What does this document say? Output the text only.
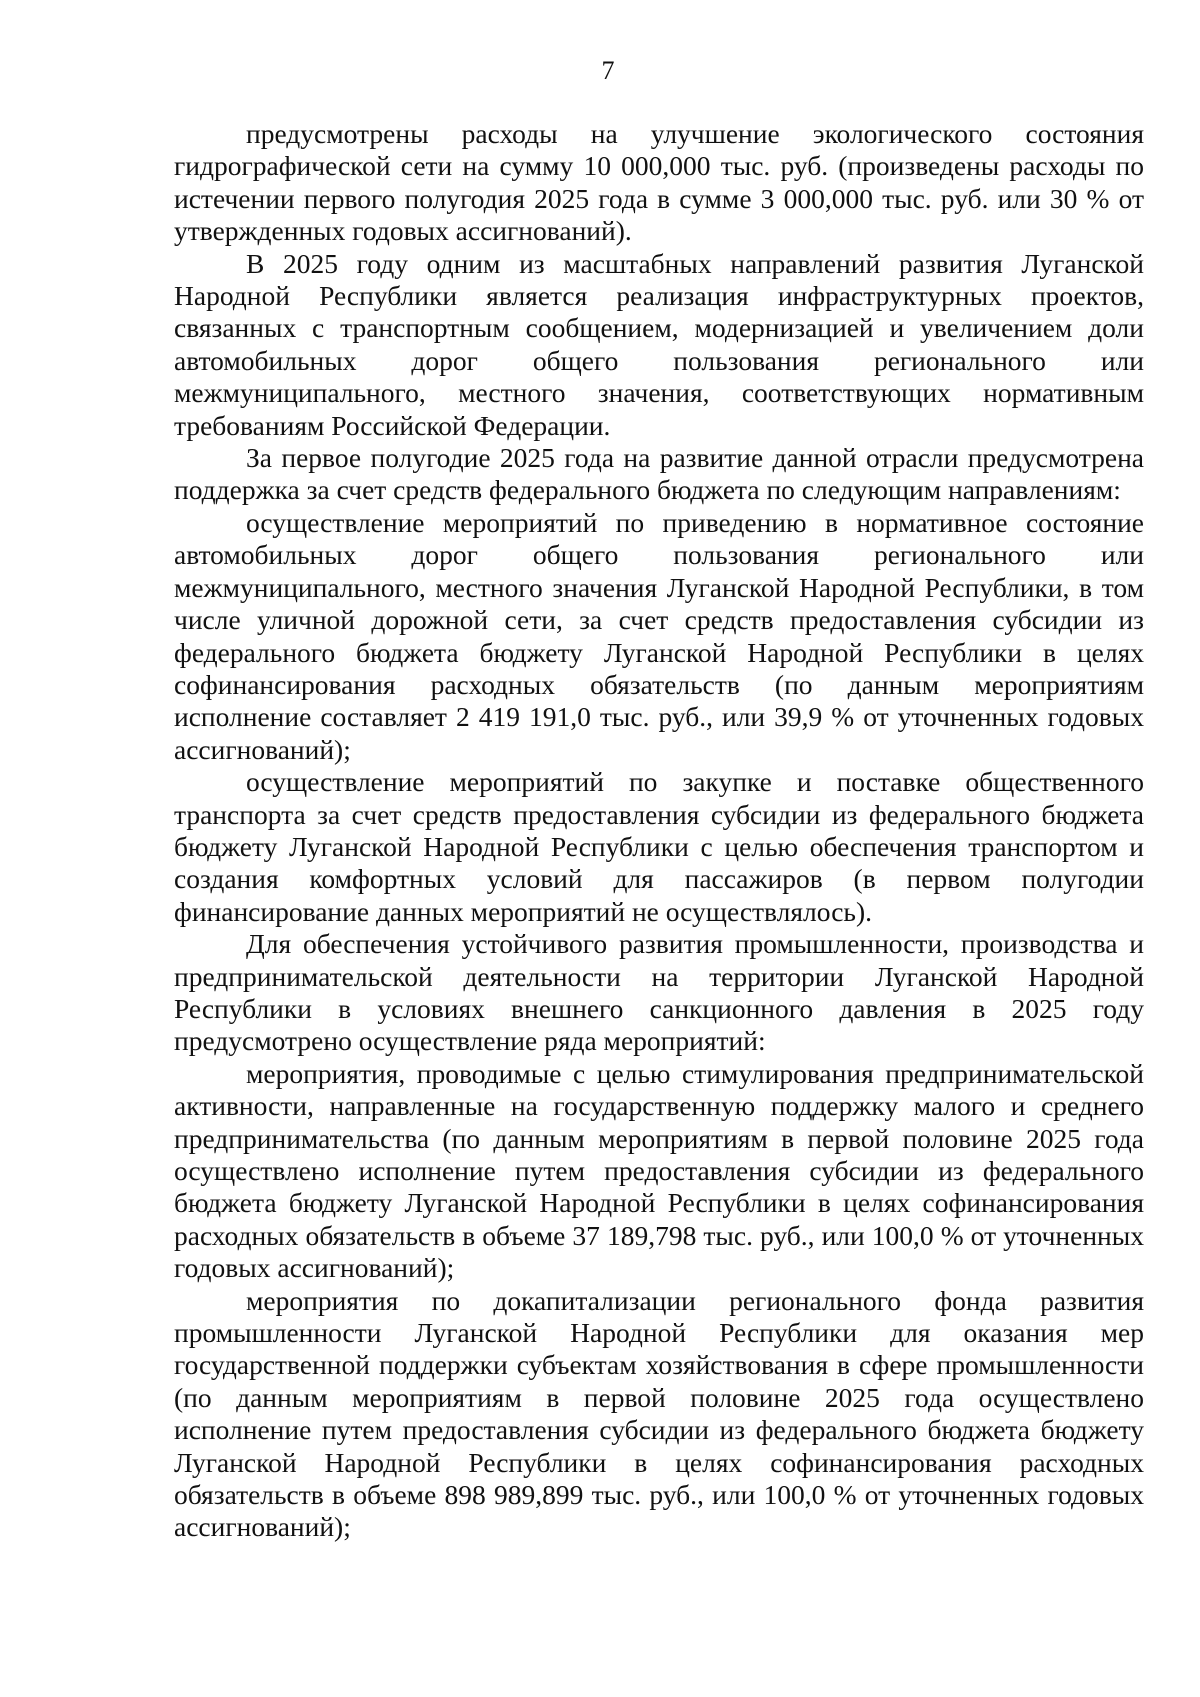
7

предусмотрены расходы на улучшение экологического состояния гидрографической сети на сумму 10 000,000 тыс. руб. (произведены расходы по истечении первого полугодия 2025 года в сумме 3 000,000 тыс. руб. или 30 % от утвержденных годовых ассигнований).

В 2025 году одним из масштабных направлений развития Луганской Народной Республики является реализация инфраструктурных проектов, связанных с транспортным сообщением, модернизацией и увеличением доли автомобильных дорог общего пользования регионального или межмуниципального, местного значения, соответствующих нормативным требованиям Российской Федерации.

За первое полугодие 2025 года на развитие данной отрасли предусмотрена поддержка за счет средств федерального бюджета по следующим направлениям:

осуществление мероприятий по приведению в нормативное состояние автомобильных дорог общего пользования регионального или межмуниципального, местного значения Луганской Народной Республики, в том числе уличной дорожной сети, за счет средств предоставления субсидии из федерального бюджета бюджету Луганской Народной Республики в целях софинансирования расходных обязательств (по данным мероприятиям исполнение составляет 2 419 191,0 тыс. руб., или 39,9 % от уточненных годовых ассигнований);

осуществление мероприятий по закупке и поставке общественного транспорта за счет средств предоставления субсидии из федерального бюджета бюджету Луганской Народной Республики с целью обеспечения транспортом и создания комфортных условий для пассажиров (в первом полугодии финансирование данных мероприятий не осуществлялось).

Для обеспечения устойчивого развития промышленности, производства и предпринимательской деятельности на территории Луганской Народной Республики в условиях внешнего санкционного давления в 2025 году предусмотрено осуществление ряда мероприятий:

мероприятия, проводимые с целью стимулирования предпринимательской активности, направленные на государственную поддержку малого и среднего предпринимательства (по данным мероприятиям в первой половине 2025 года осуществлено исполнение путем предоставления субсидии из федерального бюджета бюджету Луганской Народной Республики в целях софинансирования расходных обязательств в объеме 37 189,798 тыс. руб., или 100,0 % от уточненных годовых ассигнований);

мероприятия по докапитализации регионального фонда развития промышленности Луганской Народной Республики для оказания мер государственной поддержки субъектам хозяйствования в сфере промышленности (по данным мероприятиям в первой половине 2025 года осуществлено исполнение путем предоставления субсидии из федерального бюджета бюджету Луганской Народной Республики в целях софинансирования расходных обязательств в объеме 898 989,899 тыс. руб., или 100,0 % от уточненных годовых ассигнований);
